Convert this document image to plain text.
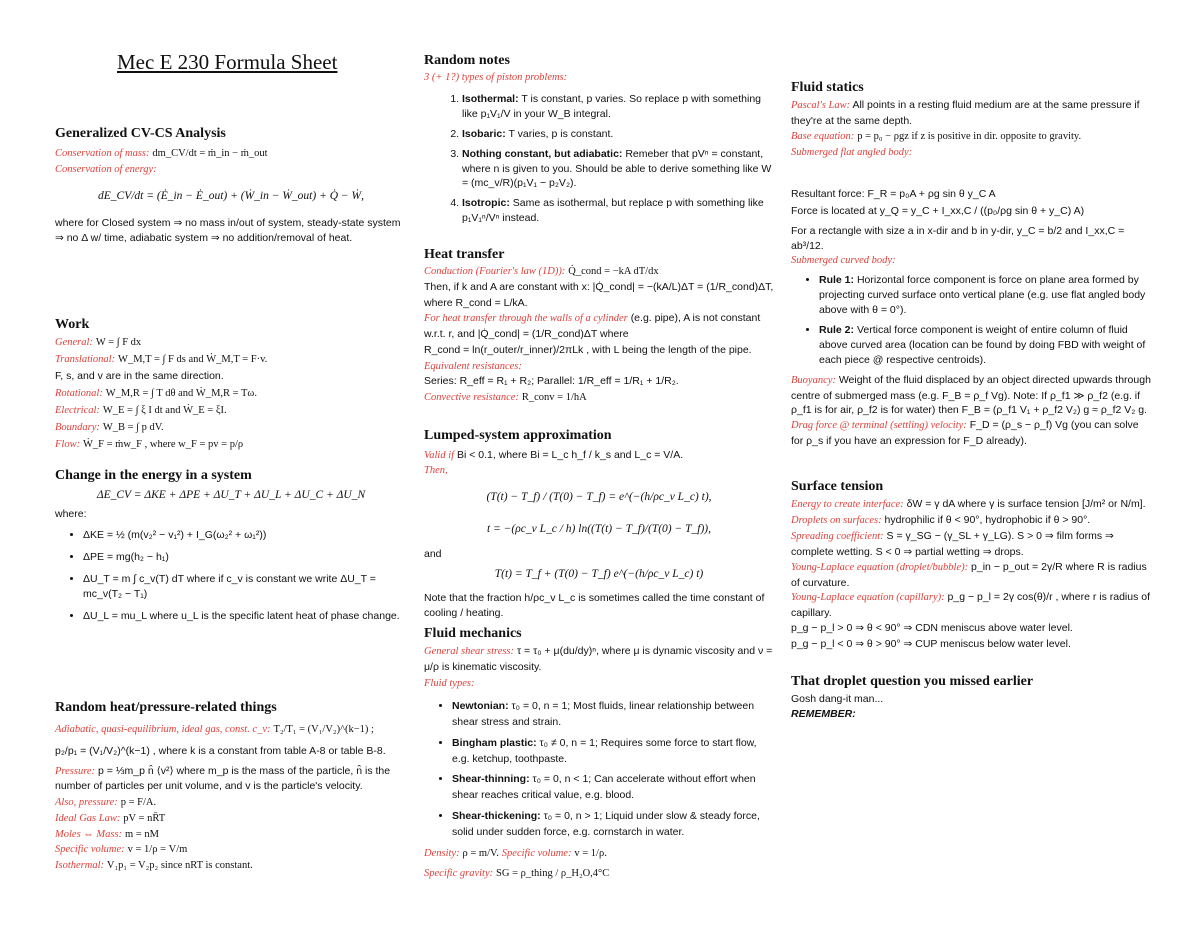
Mec E 230 Formula Sheet
Generalized CV-CS Analysis
Conservation of mass: dm_CV/dt = ṁ_in − ṁ_out
Conservation of energy:
dE_CV/dt = (Ė_in − Ė_out) + (Ẇ_in − Ẇ_out) + Q̇ − Ẇ,
where for Closed system ⇒ no mass in/out of system, steady-state system ⇒ no Δ w/ time, adiabatic system ⇒ no addition/removal of heat.
Work
General: W = ∫ F dx
Translational: W_M,T = ∫ F ds and Ẇ_M,T = F·v.
F, s, and v are in the same direction.
Rotational: W_M,R = ∫ T dθ and Ẇ_M,R = Tω.
Electrical: W_E = ∫ ξ I dt and Ẇ_E = ξI.
Boundary: W_B = ∫ p dV.
Flow: Ẇ_F = ṁw_F , where w_F = pv = p/ρ
Change in the energy in a system
ΔE_CV = ΔKE + ΔPE + ΔU_T + ΔU_L + ΔU_C + ΔU_N
where:
• ΔKE = ½ (m(v₂² − v₁²) + I_G(ω₂² + ω₁²))
• ΔPE = mg(h₂ − h₁)
• ΔU_T = m ∫ c_v(T) dT where if c_v is constant we write ΔU_T = mc_v(T₂ − T₁)
• ΔU_L = mu_L where u_L is the specific latent heat of phase change.
Random heat/pressure-related things
Adiabatic, quasi-equilibrium, ideal gas, const. c_v: T₂/T₁ = (V₁/V₂)^(k−1) ;
p₂/p₁ = (V₁/V₂)^(k−1) , where k is a constant from table A-8 or table B-8.
Pressure: p = ⅓m_p n̂ ⟨v²⟩ where m_p is the mass of the particle, n̂ is the number of particles per unit volume, and v is the particle's velocity.
Also, pressure: p = F/A.
Ideal Gas Law: pV = nR̄T
Moles ⇔ Mass: m = nM
Specific volume: v = 1/ρ = V/m
Isothermal: V₁p₁ = V₂p₂ since nRT is constant.
Random notes
3 (+ 1?) types of piston problems:
1. Isothermal: T is constant, p varies. So replace p with something like p₁V₁/V in your W_B integral.
2. Isobaric: T varies, p is constant.
3. Nothing constant, but adiabatic: Remeber that pVⁿ = constant, where n is given to you. Should be able to derive something like W = (mc_v/R)(p₁V₁ − p₂V₂).
4. Isotropic: Same as isothermal, but replace p with something like p₁V₁ⁿ/Vⁿ instead.
Heat transfer
Conduction (Fourier's law (1D)): Q̇_cond = −kA dT/dx
Then, if k and A are constant with x: |Q̇_cond| = −(kA/L)ΔT = (1/R_cond)ΔT,
where R_cond = L/kA.
For heat transfer through the walls of a cylinder (e.g. pipe), A is not constant w.r.t. r, and |Q̇_cond| = (1/R_cond)ΔT where
R_cond = ln(r_outer/r_inner)/2πLk , with L being the length of the pipe.
Equivalent resistances:
Series: R_eff = R₁ + R₂; Parallel: 1/R_eff = 1/R₁ + 1/R₂.
Convective resistance: R_conv = 1/hA
Lumped-system approximation
Valid if Bi < 0.1, where Bi = L_c h_f / k_s and L_c = V/A.
Then,
(T(t) − T_f) / (T(0) − T_f) = e^(−(h/ρc_v L_c) t),
t = −(ρc_v L_c / h) ln((T(t) − T_f)/(T(0) − T_f)),
and
T(t) = T_f + (T(0) − T_f) e^(−(h/ρc_v L_c) t)
Note that the fraction h/ρc_v L_c is sometimes called the time constant of cooling / heating.
Fluid mechanics
General shear stress: τ = τ₀ + μ(du/dy)ⁿ, where μ is dynamic viscosity and ν = μ/ρ is kinematic viscosity.
Fluid types:
• Newtonian: τ₀ = 0, n = 1; Most fluids, linear relationship between shear stress and strain.
• Bingham plastic: τ₀ ≠ 0, n = 1; Requires some force to start flow, e.g. ketchup, toothpaste.
• Shear-thinning: τ₀ = 0, n < 1; Can accelerate without effort when shear reaches critical value, e.g. blood.
• Shear-thickening: τ₀ = 0, n > 1; Liquid under slow & steady force, solid under sudden force, e.g. cornstarch in water.
Density: ρ = m/V. Specific volume: v = 1/ρ.
Specific gravity: SG = ρ_thing / ρ_H₂O,4°C
Fluid statics
Pascal's Law: All points in a resting fluid medium are at the same pressure if they're at the same depth.
Base equation: p = p₀ − ρgz if z is positive in dir. opposite to gravity.
Submerged flat angled body:
Resultant force: F_R = p₀A + ρg sin θ y_C A
Force is located at y_Q = y_C + I_xx,C / ((p₀/ρg sin θ + y_C) A)
For a rectangle with size a in x-dir and b in y-dir, y_C = b/2 and I_xx,C = ab³/12.
Submerged curved body:
• Rule 1: Horizontal force component is force on plane area formed by projecting curved surface onto vertical plane (e.g. use flat angled body above with θ = 0°).
• Rule 2: Vertical force component is weight of entire column of fluid above curved area (location can be found by doing FBD with weight of each piece @ respective centroids).
Buoyancy: Weight of the fluid displaced by an object directed upwards through centre of submerged mass (e.g. F_B = ρ_f Vg). Note: If ρ_f1 ≫ ρ_f2 (e.g. if ρ_f1 is for air, ρ_f2 is for water) then F_B = (ρ_f1 V₁ + ρ_f2 V₂) g ≈ ρ_f2 V₂ g.
Drag force @ terminal (settling) velocity: F_D = (ρ_s − ρ_f) Vg (you can solve for ρ_s if you have an expression for F_D already).
Surface tension
Energy to create interface: δW = γ dA where γ is surface tension [J/m² or N/m].
Droplets on surfaces: hydrophilic if θ < 90°, hydrophobic if θ > 90°.
Spreading coefficient: S = γ_SG − (γ_SL + γ_LG). S > 0 ⇒ film forms ⇒ complete wetting. S < 0 ⇒ partial wetting ⇒ drops.
Young-Laplace equation (droplet/bubble): p_in − p_out = 2γ/R where R is radius of curvature.
Young-Laplace equation (capillary): p_g − p_l = 2γ cos(θ)/r , where r is radius of capillary.
p_g − p_l > 0 ⇒ θ < 90° ⇒ CDN meniscus above water level.
p_g − p_l < 0 ⇒ θ > 90° ⇒ CUP meniscus below water level.
That droplet question you missed earlier
Gosh dang-it man...
REMEMBER:
